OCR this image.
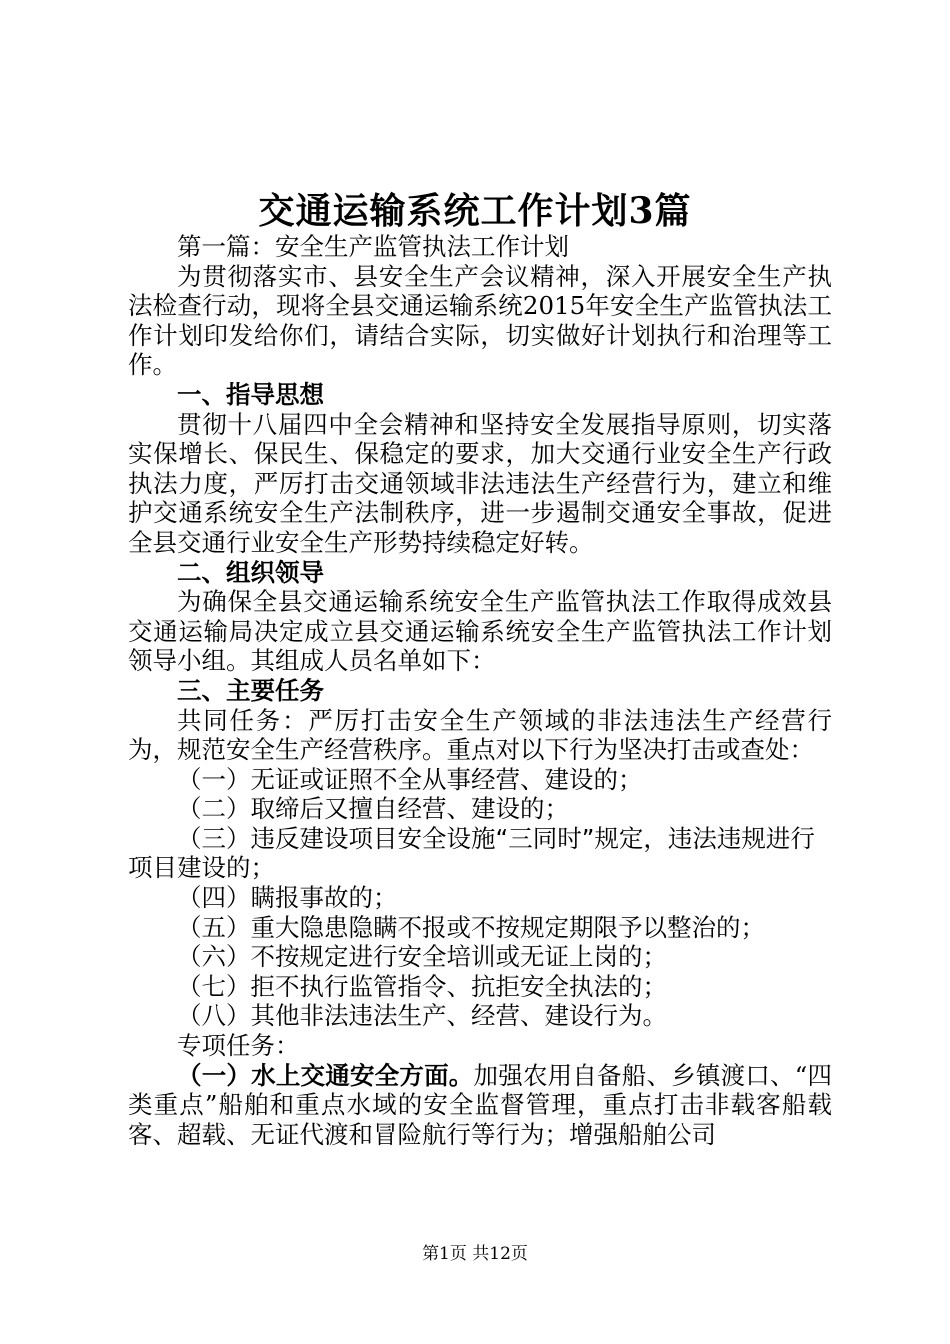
交通运输系统工作计划3篇

第一篇：安全生产监管执法工作计划

为贯彻落实市、县安全生产会议精神，深入开展安全生产执法检查行动，现将全县交通运输系统2015年安全生产监管执法工作计划印发给你们，请结合实际，切实做好计划执行和治理等工作。

一、指导思想

贯彻十八届四中全会精神和坚持安全发展指导原则，切实落实保增长、保民生、保稳定的要求，加大交通行业安全生产行政执法力度，严厉打击交通领域非法违法生产经营行为，建立和维护交通系统安全生产法制秩序，进一步遏制交通安全事故，促进全县交通行业安全生产形势持续稳定好转。

二、组织领导

为确保全县交通运输系统安全生产监管执法工作取得成效县交通运输局决定成立县交通运输系统安全生产监管执法工作计划领导小组。其组成人员名单如下：

三、主要任务

共同任务：严厉打击安全生产领域的非法违法生产经营行为，规范安全生产经营秩序。重点对以下行为坚决打击或查处：

（一）无证或证照不全从事经营、建设的；

（二）取缔后又擅自经营、建设的；

（三）违反建设项目安全设施“三同时”规定，违法违规进行项目建设的；

（四）瞒报事故的；

（五）重大隐患隐瞒不报或不按规定期限予以整治的；

（六）不按规定进行安全培训或无证上岗的；

（七）拒不执行监管指令、抗拒安全执法的；

（八）其他非法违法生产、经营、建设行为。

专项任务：

（一）水上交通安全方面。加强农用自备船、乡镇渡口、“四类重点”船舶和重点水域的安全监督管理，重点打击非载客船载客、超载、无证代渡和冒险航行等行为；增强船舶公司

第1页 共12页
